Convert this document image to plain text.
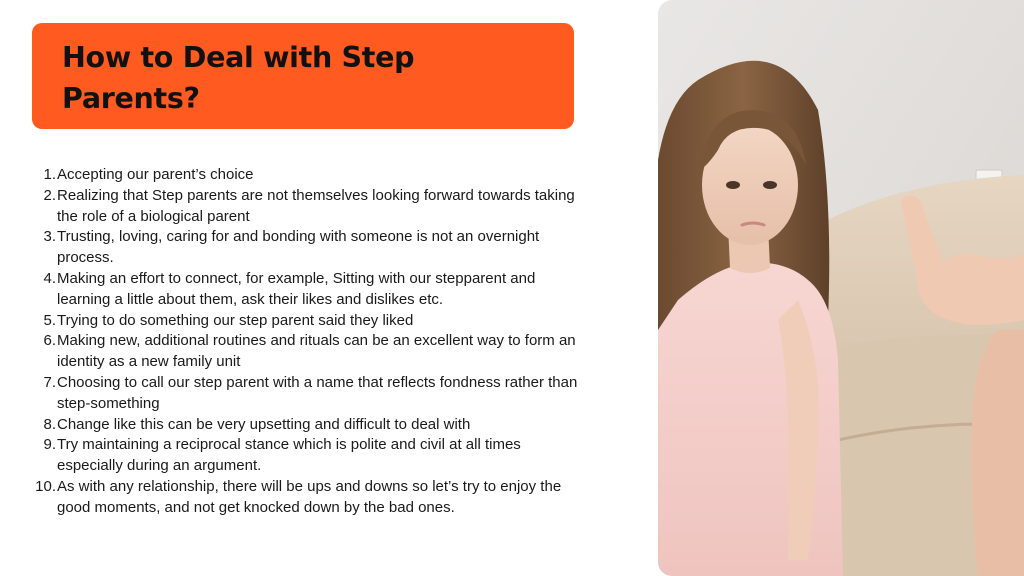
How to Deal with Step
Parents?
1. Accepting our parent’s choice
2. Realizing that Step parents are not themselves looking forward towards taking the role of a biological parent
3. Trusting, loving, caring for and bonding with someone is not an overnight process.
4. Making an effort to connect, for example, Sitting with our stepparent and learning a little about them, ask their likes and dislikes etc.
5. Trying to do something our step parent said they liked
6. Making new, additional routines and rituals can be an excellent way to form an identity as a new family unit
7. Choosing to call our step parent with a name that reflects fondness rather than step-something
8. Change like this can be very upsetting and difficult to deal with
9. Try maintaining a reciprocal stance which is polite and civil at all times especially during an argument.
10. As with any relationship, there will be ups and downs so let’s try to enjoy the good moments, and not get knocked down by the bad ones.
